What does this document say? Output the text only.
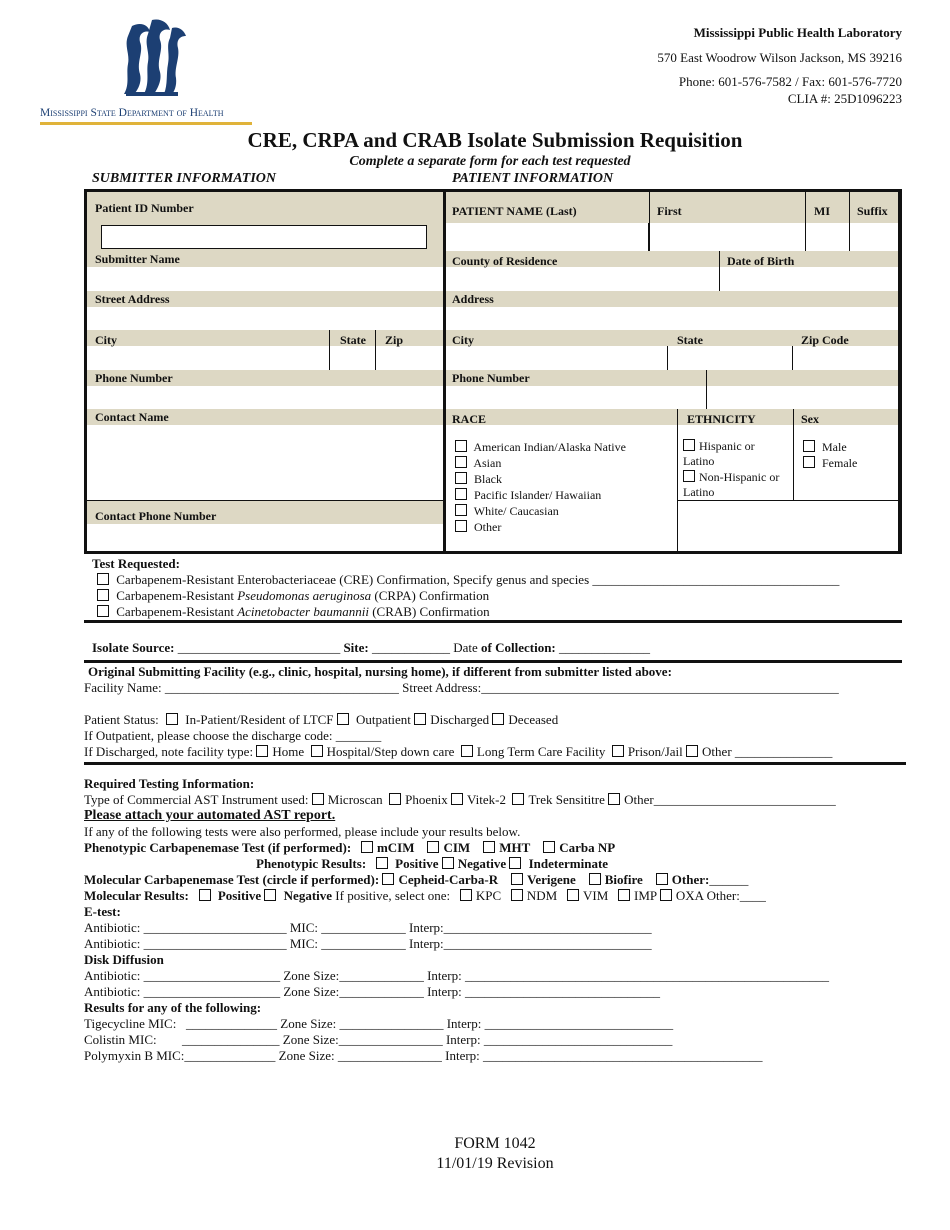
Mississippi State Department of Health
Mississippi Public Health Laboratory
570 East Woodrow Wilson Jackson, MS 39216
Phone: 601-576-7582 / Fax: 601-576-7720
CLIA #: 25D1096223
CRE, CRPA and CRAB Isolate Submission Requisition
Complete a separate form for each test requested
SUBMITTER INFORMATION	PATIENT INFORMATION
Patient ID Number
Submitter Name
Street Address
City	State	Zip
Phone Number
Contact Name
Contact Phone Number
PATIENT NAME (Last)	First	MI	Suffix
County of Residence	Date of Birth
Address
City	State	Zip Code
Phone Number
RACE	ETHNICITY	Sex
American Indian/Alaska Native
Asian
Black
Pacific Islander/ Hawaiian
White/ Caucasian
Other
Hispanic or
Latino
Non-Hispanic or
Latino
Male
Female
Test Requested:
Carbapenem-Resistant Enterobacteriaceae (CRE) Confirmation, Specify genus and species ______________________________________
Carbapenem-Resistant Pseudomonas aeruginosa (CRPA) Confirmation
Carbapenem-Resistant Acinetobacter baumannii (CRAB) Confirmation
Isolate Source: _________________________ Site: ____________ Date of Collection: ______________
Original Submitting Facility (e.g., clinic, hospital, nursing home), if different from submitter listed above:
Facility Name: ____________________________________ Street Address:_______________________________________________________
Patient Status: In-Patient/Resident of LTCF Outpatient Discharged Deceased
If Outpatient, please choose the discharge code: _______
If Discharged, note facility type: Home Hospital/Step down care Long Term Care Facility Prison/Jail Other _______________
Required Testing Information:
Type of Commercial AST Instrument used: Microscan Phoenix Vitek-2 Trek Sensititre Other____________________________
Please attach your automated AST report.
If any of the following tests were also performed, please include your results below.
Phenotypic Carbapenemase Test (if performed): mCIM CIM MHT Carba NP
Phenotypic Results:    Positive Negative Indeterminate
Molecular Carbapenemase Test (circle if performed): Cepheid-Carba-R Verigene Biofire Other:______
Molecular Results: Positive Negative If positive, select one: KPC NDM VIM IMP OXA Other:____
E-test:
Antibiotic: ______________________ MIC: _____________ Interp:________________________________
Antibiotic: ______________________ MIC: _____________ Interp:________________________________
Disk Diffusion
Antibiotic: _____________________ Zone Size:_____________ Interp: ________________________________________________________
Antibiotic: _____________________ Zone Size:_____________ Interp: ______________________________
Results for any of the following:
Tigecycline MIC: ______________ Zone Size: ________________ Interp: _____________________________
Colistin MIC: _______________ Zone Size:________________ Interp: _____________________________
Polymyxin B MIC:______________ Zone Size: ________________ Interp: ___________________________________________
FORM 1042
11/01/19 Revision
